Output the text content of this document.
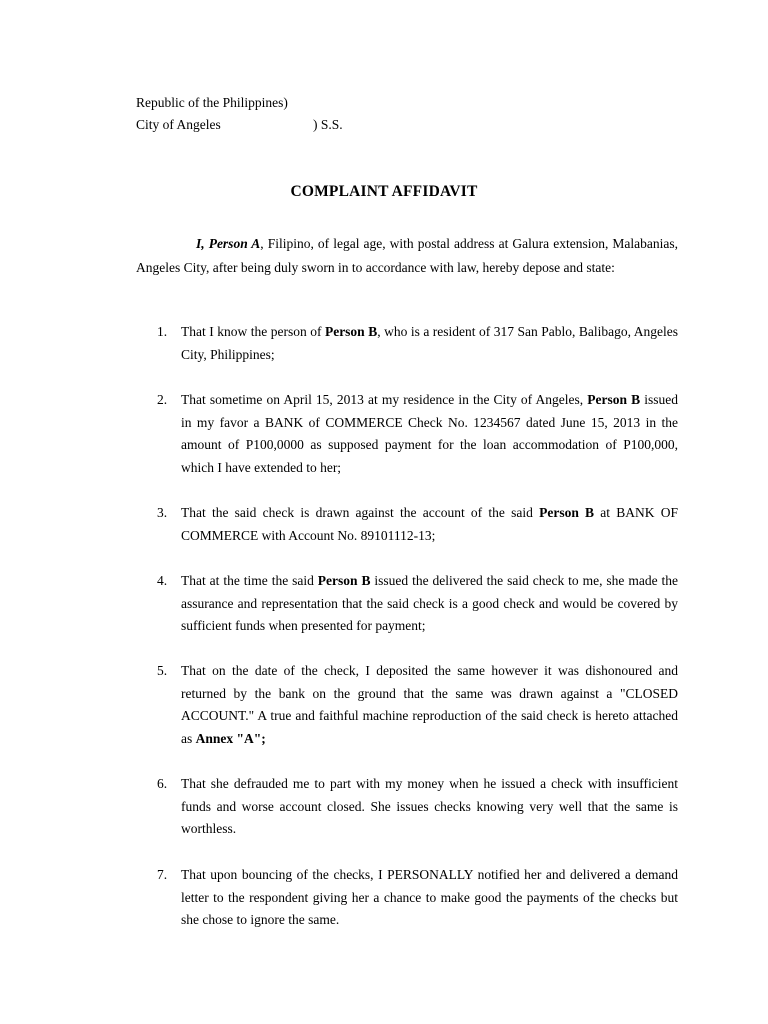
Republic of the Philippines)
City of Angeles	) S.S.
COMPLAINT AFFIDAVIT

I, Person A, Filipino, of legal age, with postal address at Galura extension, Malabanias, Angeles City, after being duly sworn in to accordance with law, hereby depose and state:

1. That I know the person of Person B, who is a resident of 317 San Pablo, Balibago, Angeles City, Philippines;
2. That sometime on April 15, 2013 at my residence in the City of Angeles, Person B issued in my favor a BANK of COMMERCE Check No. 1234567 dated June 15, 2013 in the amount of P100,0000 as supposed payment for the loan accommodation of P100,000, which I have extended to her;
3. That the said check is drawn against the account of the said Person B at BANK OF COMMERCE with Account No. 89101112-13;
4. That at the time the said Person B issued the delivered the said check to me, she made the assurance and representation that the said check is a good check and would be covered by sufficient funds when presented for payment;
5. That on the date of the check, I deposited the same however it was dishonoured and returned by the bank on the ground that the same was drawn against a "CLOSED ACCOUNT." A true and faithful machine reproduction of the said check is hereto attached as Annex "A";
6. That she defrauded me to part with my money when he issued a check with insufficient funds and worse account closed. She issues checks knowing very well that the same is worthless.
7. That upon bouncing of the checks, I PERSONALLY notified her and delivered a demand letter to the respondent giving her a chance to make good the payments of the checks but she chose to ignore the same.
